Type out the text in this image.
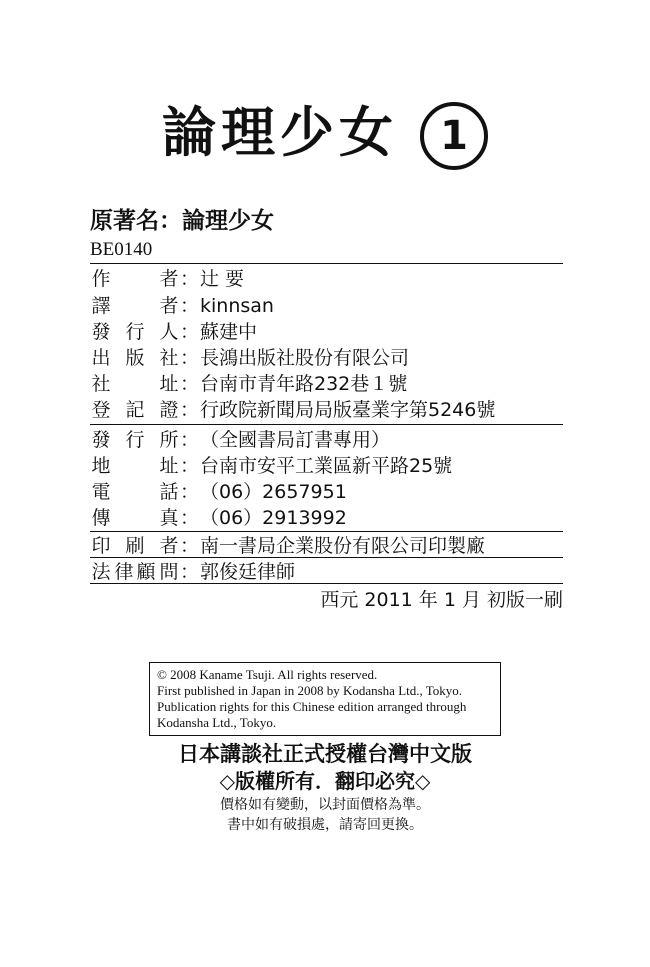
論理少女 1
原著名：論理少女
BE0140
作	者 ： 辻 要
譯	者 ： kinnsan
發 行 人 ： 蘇建中
出 版 社 ： 長鴻出版社股份有限公司
社	址 ： 台南市青年路232巷１號
登 記 證 ： 行政院新聞局局版臺業字第5246號
發 行 所 ： （全國書局訂書專用）
地	址 ： 台南市安平工業區新平路25號
電	話 ： （06）2657951
傳	真 ： （06）2913992
印 刷 者 ： 南一書局企業股份有限公司印製廠
法 律 顧 問 ： 郭俊廷律師
西元 2011 年 1 月 初版一刷
© 2008 Kaname Tsuji. All rights reserved.
First published in Japan in 2008 by Kodansha Ltd., Tokyo.
Publication rights for this Chinese edition arranged through
Kodansha Ltd., Tokyo.
日本講談社正式授權台灣中文版
◇版權所有．翻印必究◇
價格如有變動，以封面價格為準。
書中如有破損處，請寄回更換。
